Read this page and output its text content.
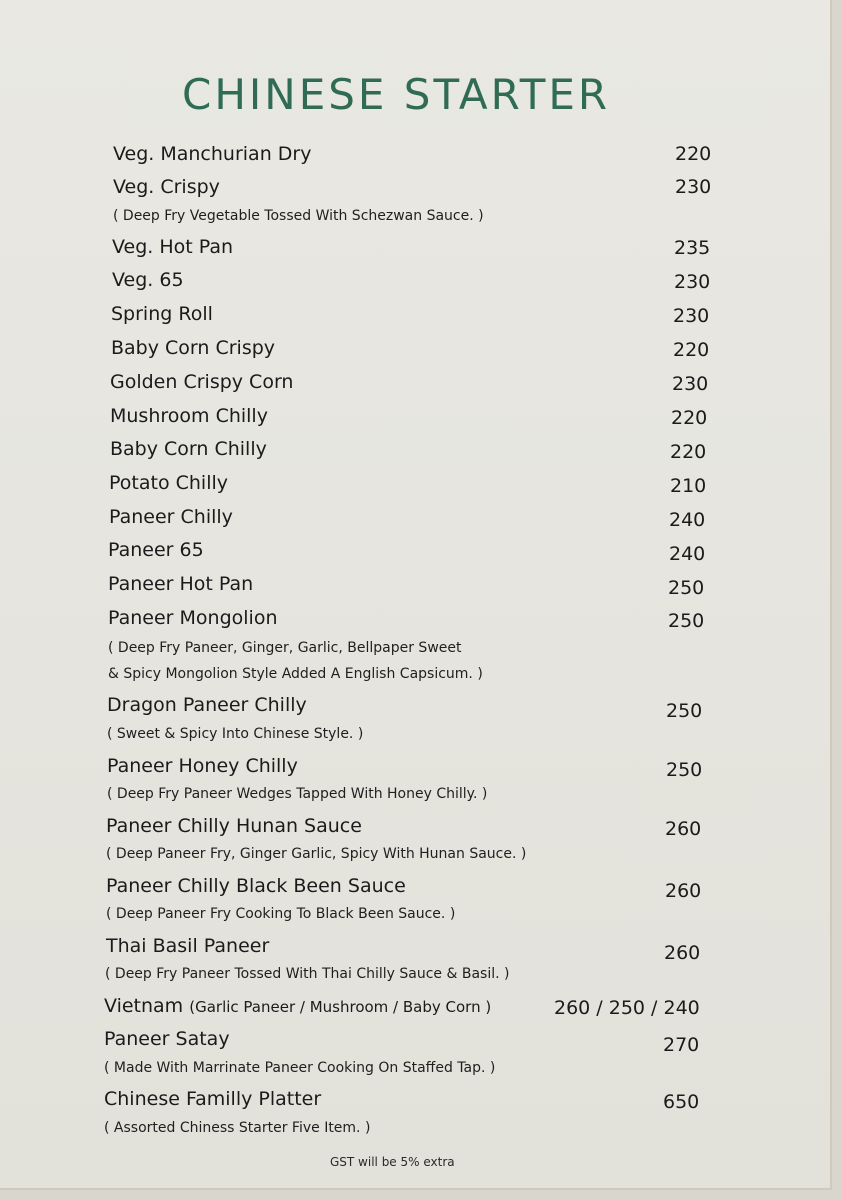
CHINESE STARTER
Veg. Manchurian Dry	220
Veg. Crispy	230
( Deep Fry Vegetable Tossed With Schezwan Sauce. )
Veg. Hot Pan	235
Veg. 65	230
Spring Roll	230
Baby Corn Crispy	220
Golden Crispy Corn	230
Mushroom Chilly	220
Baby Corn Chilly	220
Potato Chilly	210
Paneer Chilly	240
Paneer 65	240
Paneer Hot Pan	250
Paneer Mongolion	250
( Deep Fry Paneer, Ginger, Garlic, Bellpaper Sweet
& Spicy Mongolion Style Added A English Capsicum. )
Dragon Paneer Chilly	250
( Sweet & Spicy Into Chinese Style. )
Paneer Honey Chilly	250
( Deep Fry Paneer Wedges Tapped With Honey Chilly. )
Paneer Chilly Hunan Sauce	260
( Deep Paneer Fry, Ginger Garlic, Spicy With Hunan Sauce. )
Paneer Chilly Black Been Sauce	260
( Deep Paneer Fry Cooking To Black Been Sauce. )
Thai Basil Paneer	260
( Deep Fry Paneer Tossed With Thai Chilly Sauce & Basil. )
Vietnam (Garlic Paneer / Mushroom / Baby Corn )	260 / 250 / 240
Paneer Satay	270
( Made With Marrinate Paneer Cooking On Staffed Tap. )
Chinese Familly Platter	650
( Assorted Chiness Starter Five Item. )
GST will be 5% extra
